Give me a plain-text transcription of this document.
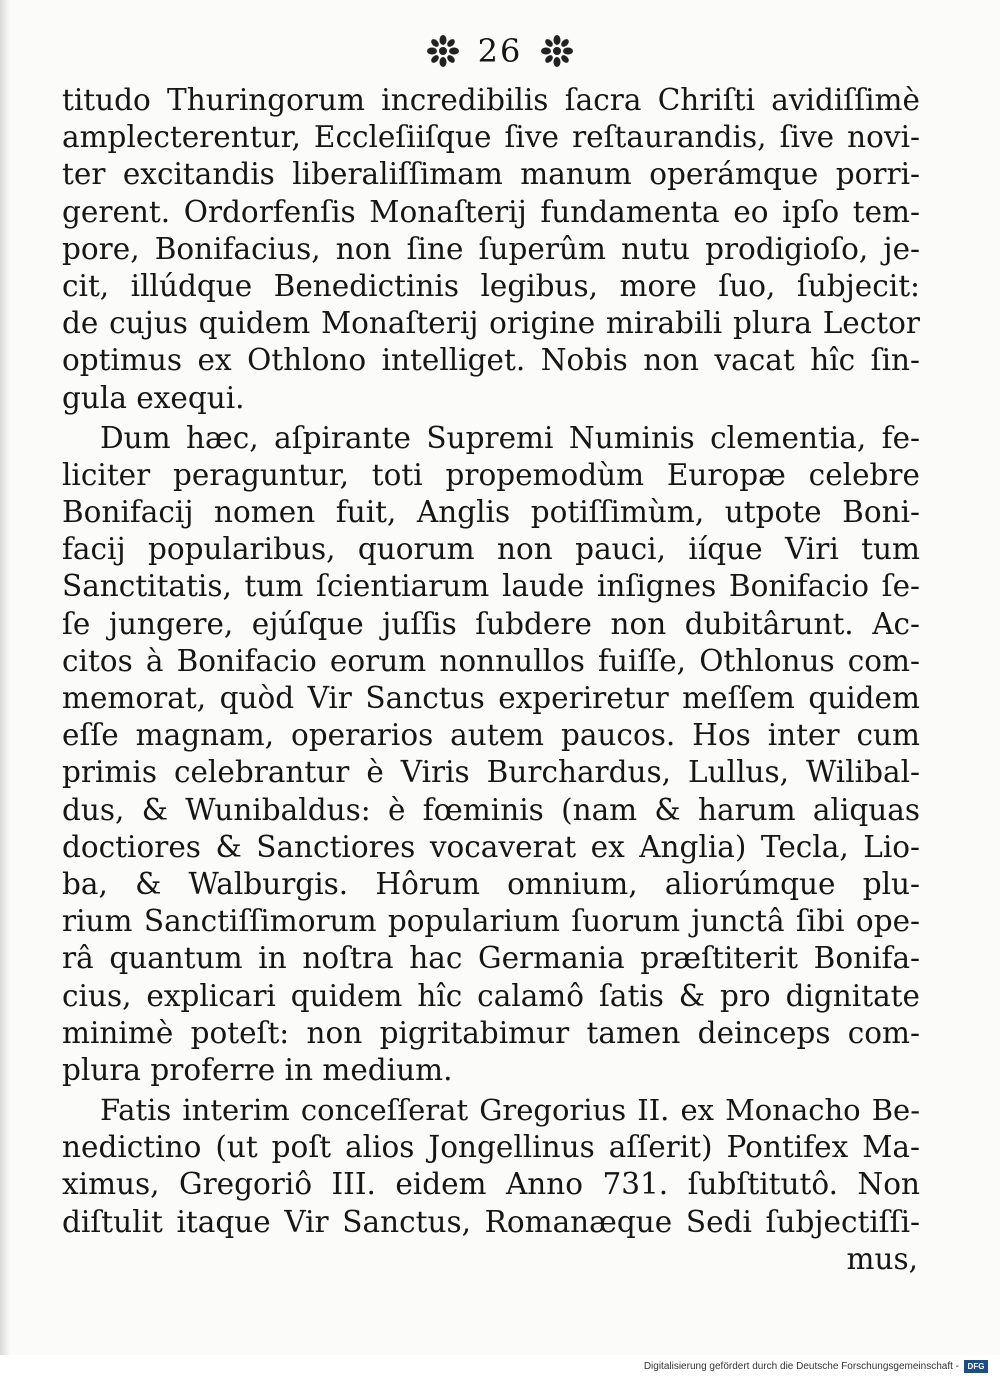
26
titudo Thuringorum incredibilis ſacra Chriſti avidiſſimè
amplecterentur, Eccleſiiſque ſive reſtaurandis, ſive novi-
ter excitandis liberaliſſimam manum operámque porri-
gerent. Ordorfenſis Monaſterij fundamenta eo ipſo tem-
pore, Bonifacius, non ſine ſuperûm nutu prodigioſo, je-
cit, illúdque Benedictinis legibus, more ſuo, ſubjecit:
de cujus quidem Monaſterij origine mirabili plura Lector
optimus ex Othlono intelliget. Nobis non vacat hîc ſin-
gula exequi.
Dum hæc, aſpirante Supremi Numinis clementia, fe-
liciter peraguntur, toti propemodùm Europæ celebre
Bonifacij nomen fuit, Anglis potiſſimùm, utpote Boni-
facij popularibus, quorum non pauci, iíque Viri tum
Sanctitatis, tum ſcientiarum laude inſignes Bonifacio ſe-
ſe jungere, ejúſque juſſis ſubdere non dubitârunt. Ac-
citos à Bonifacio eorum nonnullos fuiſſe, Othlonus com-
memorat, quòd Vir Sanctus experiretur meſſem quidem
eſſe magnam, operarios autem paucos. Hos inter cum
primis celebrantur è Viris Burchardus, Lullus, Wilibal-
dus, & Wunibaldus: è fœminis (nam & harum aliquas
doctiores & Sanctiores vocaverat ex Anglia) Tecla, Lio-
ba, & Walburgis. Hôrum omnium, aliorúmque plu-
rium Sanctiſſimorum popularium ſuorum junctâ ſibi ope-
râ quantum in noſtra hac Germania præſtiterit Bonifa-
cius, explicari quidem hîc calamô ſatis & pro dignitate
minimè poteſt: non pigritabimur tamen deinceps com-
plura proferre in medium.
Fatis interim conceſſerat Gregorius II. ex Monacho Be-
nedictino (ut poſt alios Jongellinus aſſerit) Pontifex Ma-
ximus, Gregoriô III. eidem Anno 731. ſubſtitutô. Non
diſtulit itaque Vir Sanctus, Romanæque Sedi ſubjectiſſi-
mus,
Digitalisierung gefördert durch die Deutsche Forschungsgemeinschaft -	DFG
